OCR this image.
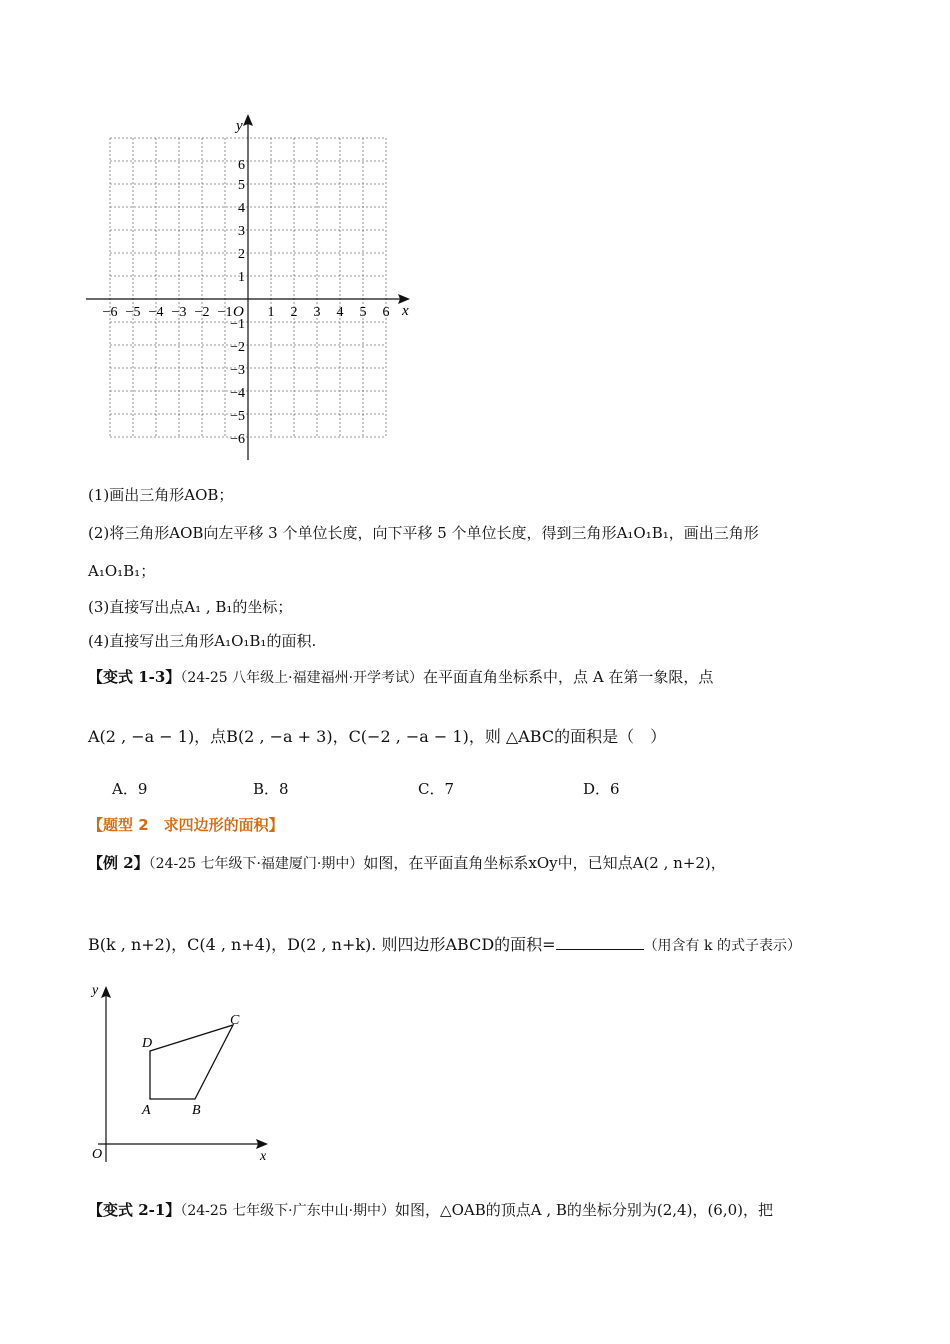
x
y
O
−6 −5 −4 −3 −2 −1	1 2 3 4 5 6
6
5
4
3
2
1
−1
−2
−3
−4
−5
−6
(1)画出三角形AOB；
(2)将三角形AOB向左平移 3 个单位长度，向下平移 5 个单位长度，得到三角形A₁O₁B₁，画出三角形
A₁O₁B₁；
(3)直接写出点A₁ , B₁的坐标；
(4)直接写出三角形A₁O₁B₁的面积.
【变式 1-3】（24-25 八年级上·福建福州·开学考试）在平面直角坐标系中，点 A 在第一象限，点
A(2 , −a − 1)，点B(2 , −a + 3)，C(−2 , −a − 1)，则 △ABC的面积是（　）
A．9	B．8	C．7	D．6
【题型 2　求四边形的面积】
【例 2】（24-25 七年级下·福建厦门·期中）如图，在平面直角坐标系xOy中，已知点A(2 , n+2)，
B(k , n+2)，C(4 , n+4)，D(2 , n+k). 则四边形ABCD的面积=	（用含有 k 的式子表示）
x
y
O
A	B
C
D
【变式 2-1】（24-25 七年级下·广东中山·期中）如图，△OAB的顶点A , B的坐标分别为(2,4)，(6,0)，把
